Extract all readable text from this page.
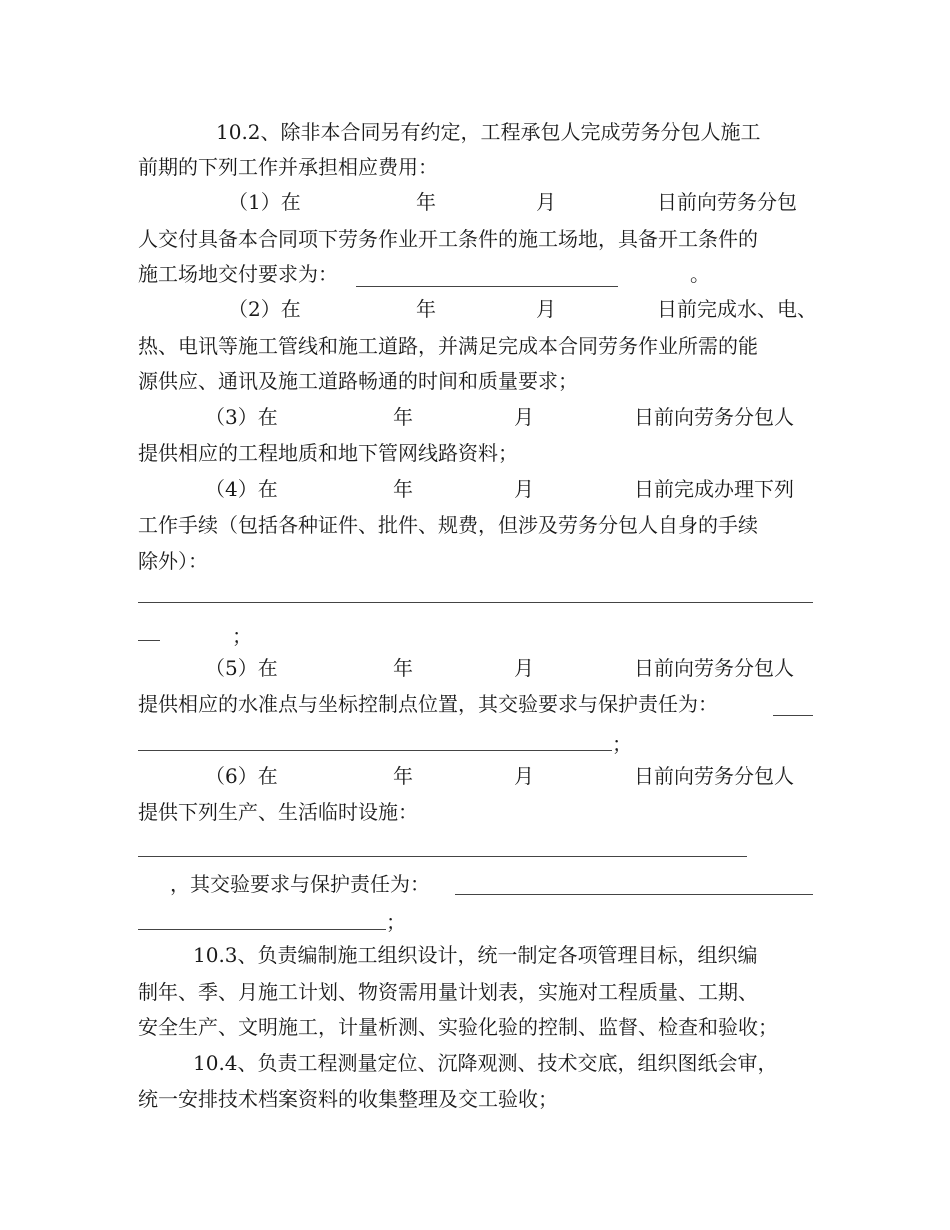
10.2、除非本合同另有约定，工程承包人完成劳务分包人施工
前期的下列工作并承担相应费用：
（1）在	年	月	日前向劳务分包
人交付具备本合同项下劳务作业开工条件的施工场地，具备开工条件的
施工场地交付要求为：	。
（2）在	年	月	日前完成水、电、
热、电讯等施工管线和施工道路，并满足完成本合同劳务作业所需的能
源供应、通讯及施工道路畅通的时间和质量要求；
（3）在	年	月	日前向劳务分包人
提供相应的工程地质和地下管网线路资料；
（4）在	年	月	日前完成办理下列
工作手续（包括各种证件、批件、规费，但涉及劳务分包人自身的手续
除外）：
；
（5）在	年	月	日前向劳务分包人
提供相应的水准点与坐标控制点位置，其交验要求与保护责任为：
；
（6）在	年	月	日前向劳务分包人
提供下列生产、生活临时设施：
，其交验要求与保护责任为：
；
10.3、负责编制施工组织设计，统一制定各项管理目标，组织编
制年、季、月施工计划、物资需用量计划表，实施对工程质量、工期、
安全生产、文明施工，计量析测、实验化验的控制、监督、检查和验收；
10.4、负责工程测量定位、沉降观测、技术交底，组织图纸会审，
统一安排技术档案资料的收集整理及交工验收；
